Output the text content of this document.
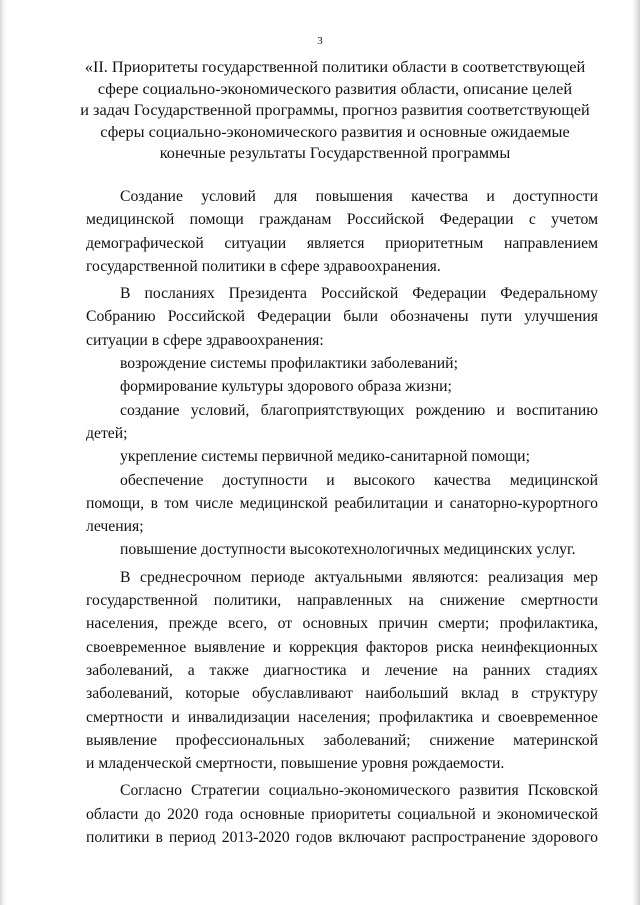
3
«II. Приоритеты государственной политики области в соответствующей
сфере социально-экономического развития области, описание целей
и задач Государственной программы, прогноз развития соответствующей
сферы социально-экономического развития и основные ожидаемые
конечные результаты Государственной программы
Создание условий для повышения качества и доступности
медицинской помощи гражданам Российской Федерации с учетом
демографической ситуации является приоритетным направлением
государственной политики в сфере здравоохранения.
В посланиях Президента Российской Федерации Федеральному
Собранию Российской Федерации были обозначены пути улучшения
ситуации в сфере здравоохранения:
возрождение системы профилактики заболеваний;
формирование культуры здорового образа жизни;
создание условий, благоприятствующих рождению и воспитанию
детей;
укрепление системы первичной медико-санитарной помощи;
обеспечение доступности и высокого качества медицинской
помощи, в том числе медицинской реабилитации и санаторно-курортного
лечения;
повышение доступности высокотехнологичных медицинских услуг.
В среднесрочном периоде актуальными являются: реализация мер
государственной политики, направленных на снижение смертности
населения, прежде всего, от основных причин смерти; профилактика,
своевременное выявление и коррекция факторов риска неинфекционных
заболеваний, а также диагностика и лечение на ранних стадиях
заболеваний, которые обуславливают наибольший вклад в структуру
смертности и инвалидизации населения; профилактика и своевременное
выявление профессиональных заболеваний; снижение материнской
и младенческой смертности, повышение уровня рождаемости.
Согласно Стратегии социально-экономического развития Псковской
области до 2020 года основные приоритеты социальной и экономической
политики в период 2013-2020 годов включают распространение здорового
